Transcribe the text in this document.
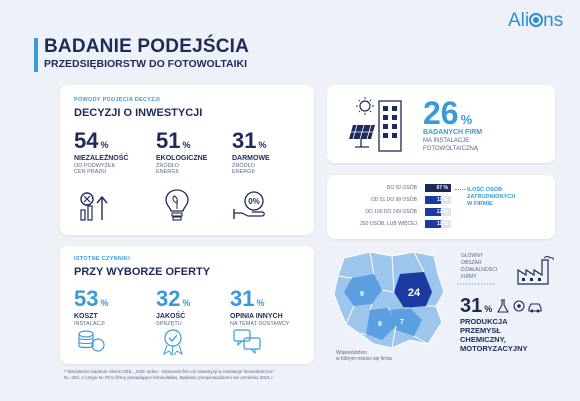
BADANIE PODEJŚCIA
PRZEDSIĘBIORSTW DO FOTOWOLTAIKI
Ali ns
POWODY PODJĘCIA DECYZJI
DECYZJI O INWESTYCJI
54 %
NIEZALEŻNOŚĆ
OD PODWYŻEK
CEN PRĄDU
51 %
EKOLOGICZNE
ŹRÓDŁO
ENERGII
31 %
DARMOWE
ŹRÓDŁO
ENERGII
0%
ISTOTNE CZYNNIKI
PRZY WYBORZE OFERTY
53 %
KOSZT
INSTALACJI
32 %
JAKOŚĆ
SPRZĘTU
31 %
OPINIA INNYCH
NA TEMAT DOSTAWCY
26 %
BADANYCH FIRM
MA INSTALACJE
FOTOWOLTAICZNĄ
DO 50 OSÓB	67 %
OD 51 DO 99 OSÓB	11 %
OD 100 DO 249 OSÓB	12 %
250 OSÓB, LUB WIĘCEJ	11 %
ILOŚĆ OSÓB
ZATRUDNIONYCH
W FIRMIE
24
9
7
6
Województwo
w którym mieści się firma
GŁÓWNY
OBSZAR
DZIAŁALNOŚCI
FIRMY
31 %
PRODUKCJA
PRZEMYSŁ
CHEMICZNY,
MOTORYZACYJNY
* Niezależne badanie Aliens OZE, „OZE Index - Stosunek firm do inwestycji w instalacje fotowoltaiczne”.
N= 302, z czego N=79 to firmy posiadające fotowoltaikę. Badanie przeprowadzono we wrześniu 2021 r.
